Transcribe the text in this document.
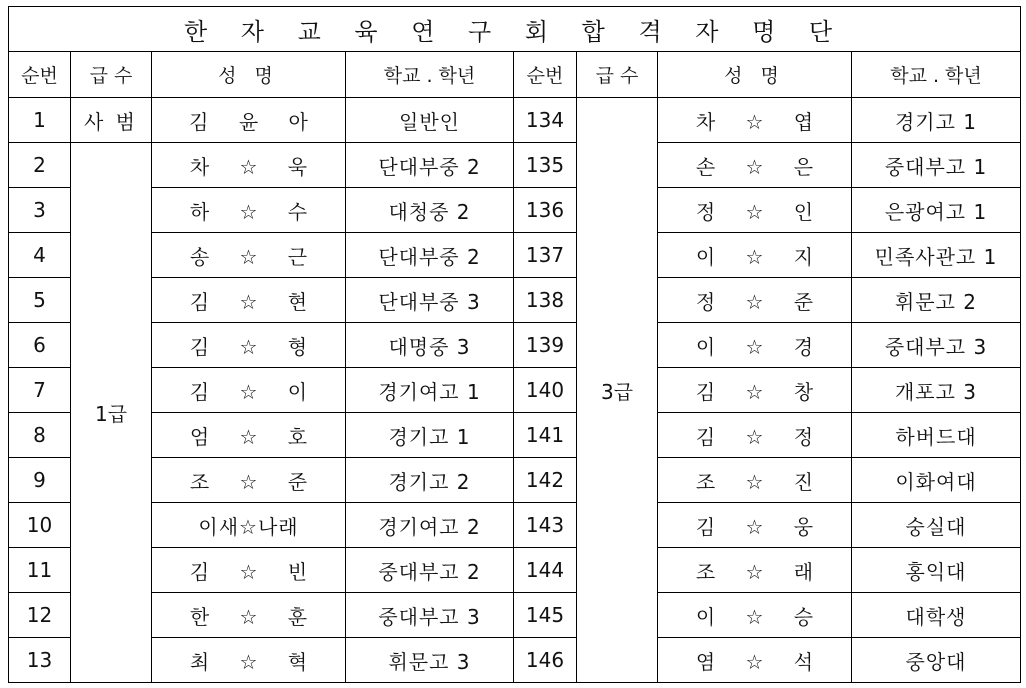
한 자 교 육 연 구 회 합 격 자 명 단							
순번	급 수	성 명	학교 . 학년	순번	급 수	성 명	학교 . 학년
1	사 범	김 윤 아	일반인	134	3급	차 ☆ 엽	경기고 1
2	1급	차 ☆ 욱	단대부중 2	135		손 ☆ 은	중대부고 1
3		하 ☆ 수	대청중 2	136		정 ☆ 인	은광여고 1
4		송 ☆ 근	단대부중 2	137		이 ☆ 지	민족사관고 1
5		김 ☆ 현	단대부중 3	138		정 ☆ 준	휘문고 2
6		김 ☆ 형	대명중 3	139		이 ☆ 경	중대부고 3
7		김 ☆ 이	경기여고 1	140		김 ☆ 창	개포고 3
8		엄 ☆ 호	경기고 1	141		김 ☆ 정	하버드대
9		조 ☆ 준	경기고 2	142		조 ☆ 진	이화여대
10		이새☆나래	경기여고 2	143		김 ☆ 웅	숭실대
11		김 ☆ 빈	중대부고 2	144		조 ☆ 래	홍익대
12		한 ☆ 훈	중대부고 3	145		이 ☆ 승	대학생
13		최 ☆ 혁	휘문고 3	146		염 ☆ 석	중앙대
